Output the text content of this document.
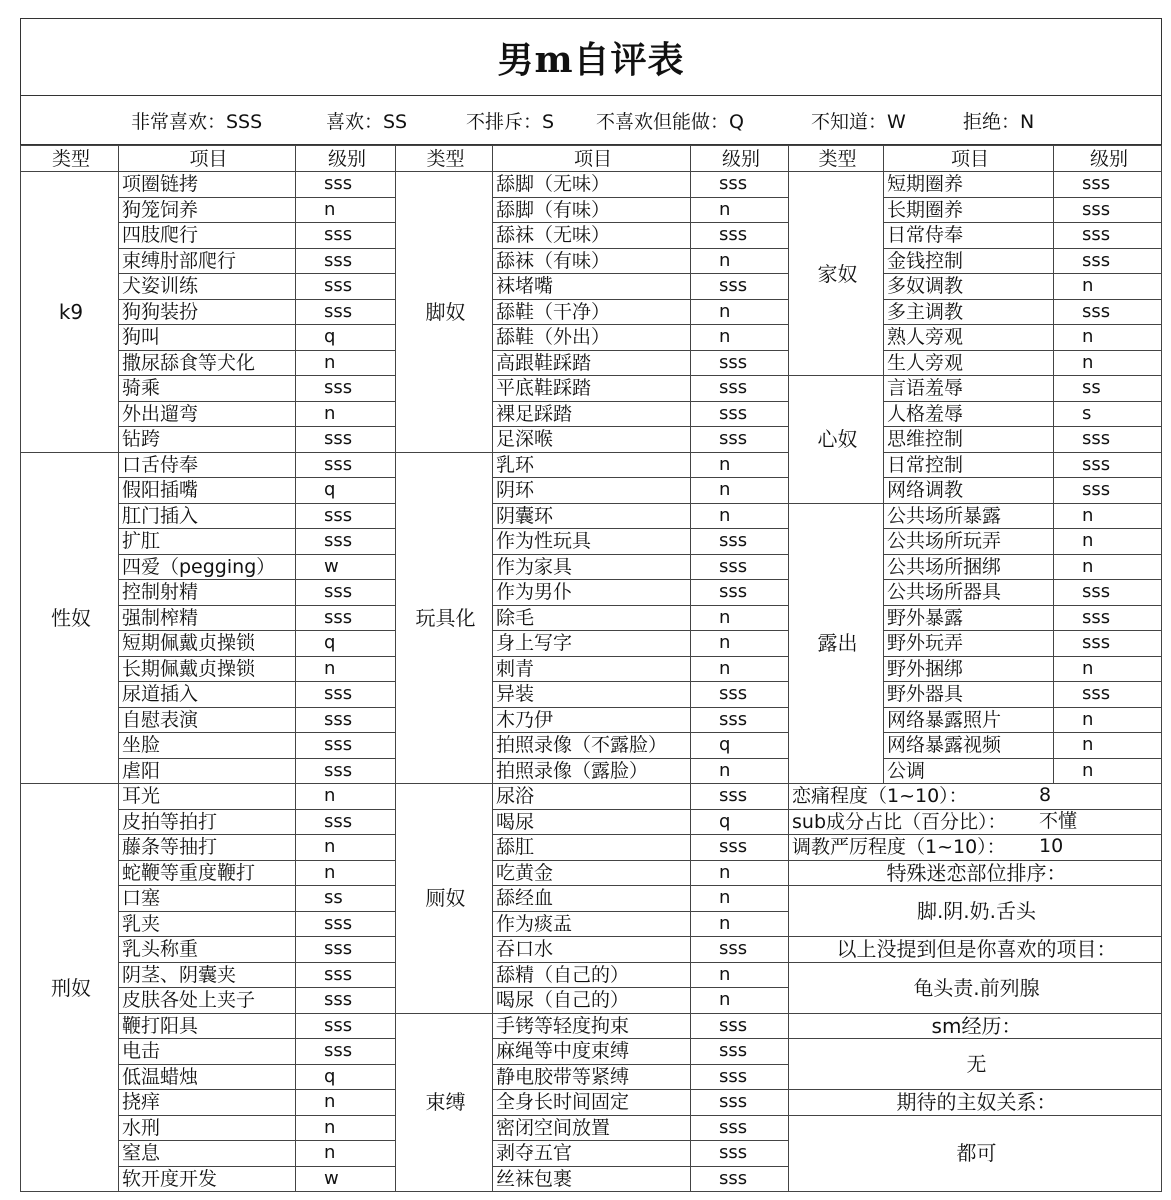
男m自评表
非常喜欢：SSS	喜欢：SS	不排斥：S 不喜欢但能做：Q	不知道：W	拒绝：N
类型	项目	级别	类型	项目	级别	类型	项目	级别
k9	项圈链拷	sss	脚奴	舔脚（无味）	sss	家奴	短期圈养	sss
	狗笼饲养	n		舔脚（有味）	n		长期圈养	sss
	四肢爬行	sss		舔袜（无味）	sss		日常侍奉	sss
	束缚肘部爬行	sss		舔袜（有味）	n		金钱控制	sss
	犬姿训练	sss		袜堵嘴	sss		多奴调教	n
	狗狗装扮	sss		舔鞋（干净）	n		多主调教	sss
	狗叫	q		舔鞋（外出）	n		熟人旁观	n
	撒尿舔食等犬化	n		高跟鞋踩踏	sss		生人旁观	n
	骑乘	sss		平底鞋踩踏	sss	心奴	言语羞辱	ss
	外出遛弯	n		裸足踩踏	sss		人格羞辱	s
	钻跨	sss		足深喉	sss		思维控制	sss
性奴	口舌侍奉	sss	玩具化	乳环	n		日常控制	sss
	假阳插嘴	q		阴环	n		网络调教	sss
	肛门插入	sss		阴囊环	n	露出	公共场所暴露	n
	扩肛	sss		作为性玩具	sss		公共场所玩弄	n
	四爱（pegging）	w		作为家具	sss		公共场所捆绑	n
	控制射精	sss		作为男仆	sss		公共场所器具	sss
	强制榨精	sss		除毛	n		野外暴露	sss
	短期佩戴贞操锁	q		身上写字	n		野外玩弄	sss
	长期佩戴贞操锁	n		刺青	n		野外捆绑	n
	尿道插入	sss		异装	sss		野外器具	sss
	自慰表演	sss		木乃伊	sss		网络暴露照片	n
	坐脸	sss		拍照录像（不露脸）	q		网络暴露视频	n
	虐阳	sss		拍照录像（露脸）	n		公调	n
刑奴	耳光	n	厕奴	尿浴	sss	恋痛程度（1~10）： 8		

	皮拍等拍打	sss		喝尿	q	sub成分占比（百分比）： 不懂		

	藤条等抽打	n		舔肛	sss	调教严厉程度（1~10）： 10		

	蛇鞭等重度鞭打	n		吃黄金	n	特殊迷恋部位排序：		
	口塞	ss		舔经血	n	脚.阴.奶.舌头		
	乳夹	sss		作为痰盂	n			
	乳头称重	sss		吞口水	sss	以上没提到但是你喜欢的项目：		
	阴茎、阴囊夹	sss		舔精（自己的）	n	龟头责.前列腺		
	皮肤各处上夹子	sss		喝尿（自己的）	n			
	鞭打阳具	sss	束缚	手铐等轻度拘束	sss	sm经历：		
	电击	sss		麻绳等中度束缚	sss	无		
	低温蜡烛	q		静电胶带等紧缚	sss			
	挠痒	n		全身长时间固定	sss	期待的主奴关系：		
	水刑	n		密闭空间放置	sss	都可		
	窒息	n		剥夺五官	sss			
	软开度开发	w		丝袜包裹	sss			
